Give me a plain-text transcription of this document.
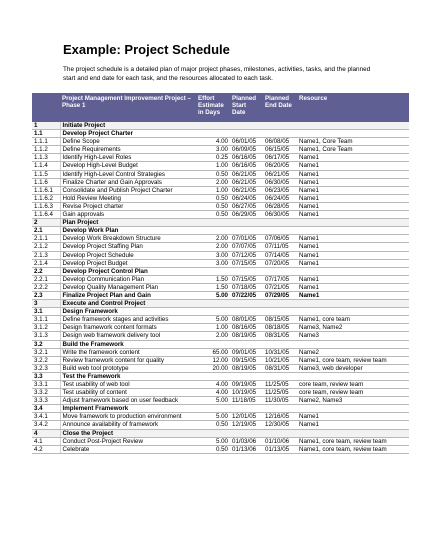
Example: Project Schedule
The project schedule is a detailed plan of major project phases, milestones, activities, tasks, and the planned start and end date for each task, and the resources allocated to each task.
	Project Management Improvement Project – Phase 1	Effort Estimate in Days	Planned Start Date	Planned End Date	Resource
1	Initiate Project				
1.1	Develop Project Charter				
1.1.1	Define Scope	4.00	06/01/05	06/08/05	Name1, Core Team
1.1.2	Define Requirements	3.00	06/09/05	06/15/05	Name1, Core Team
1.1.3	Identify High-Level Roles	0.25	06/16/05	06/17/05	Name1
1.1.4	Develop High-Level Budget	1.00	06/16/05	06/20/05	Name1
1.1.5	Identify High-Level Control Strategies	0.50	06/21/05	06/21/05	Name1
1.1.6	Finalize Charter and Gain Approvals	2.00	06/21/05	06/30/05	Name1
1.1.6.1	Consolidate and Publish Project Charter	1.00	06/21/05	06/23/05	Name1
1.1.6.2	Hold Review Meeting	0.50	06/24/05	06/24/05	Name1
1.1.6.3	Revise Project charter	0.50	06/27/05	06/28/05	Name1
1.1.6.4	Gain approvals	0.50	06/29/05	06/30/05	Name1
2	Plan Project				
2.1	Develop Work Plan				
2.1.1	Develop Work Breakdown Structure	2.00	07/01/05	07/06/05	Name1
2.1.2	Develop Project Staffing Plan	2.00	07/07/05	07/11/05	Name1
2.1.3	Develop Project Schedule	3.00	07/12/05	07/14/05	Name1
2.1.4	Develop Project Budget	3.00	07/15/05	07/20/05	Name1
2.2	Develop Project Control Plan				
2.2.1	Develop Communication Plan	1.50	07/15/05	07/17/05	Name1
2.2.2	Develop Quality Management Plan	1.50	07/18/05	07/21/05	Name1
2.3	Finalize Project Plan and Gain	5.00	07/22/05	07/29/05	Name1
3	Execute and Control Project				
3.1	Design Framework				
3.1.1	Define framework stages and activities	5.00	08/01/05	08/15/05	Name1, core team
3.1.2	Design framework content formats	1.00	08/16/05	08/18/05	Name3, Name2
3.1.3	Design web framework delivery tool	2.00	08/19/05	08/31/05	Name3
3.2	Build the Framework				
3.2.1	Write the framework content	65.00	09/01/05	10/31/05	Name2
3.2.2	Review framework content for quality	12.00	09/15/05	10/21/05	Name1, core team, review team
3.2.3	Build web tool prototype	20.00	08/19/05	08/31/05	Name3, web developer
3.3	Test the Framework				
3.3.1	Test usability of web tool	4.00	09/19/05	11/25/05	core team, review team
3.3.2	Test usability of content	4.00	10/19/05	11/25/05	core team, review team
3.3.3	Adjust framework based on user feedback	5.00	11/18/05	11/30/05	Name2, Name3
3.4	Implement Framework				
3.4.1	Move framework to production environment	5.00	12/01/05	12/16/05	Name1
3.4.2	Announce availability of framework	0.50	12/19/05	12/30/05	Name1
4	Close the Project				
4.1	Conduct Post-Project Review	5.00	01/03/06	01/10/06	Name1, core team, review team
4.2	Celebrate	0.50	01/13/06	01/13/05	Name1, core team, review team
